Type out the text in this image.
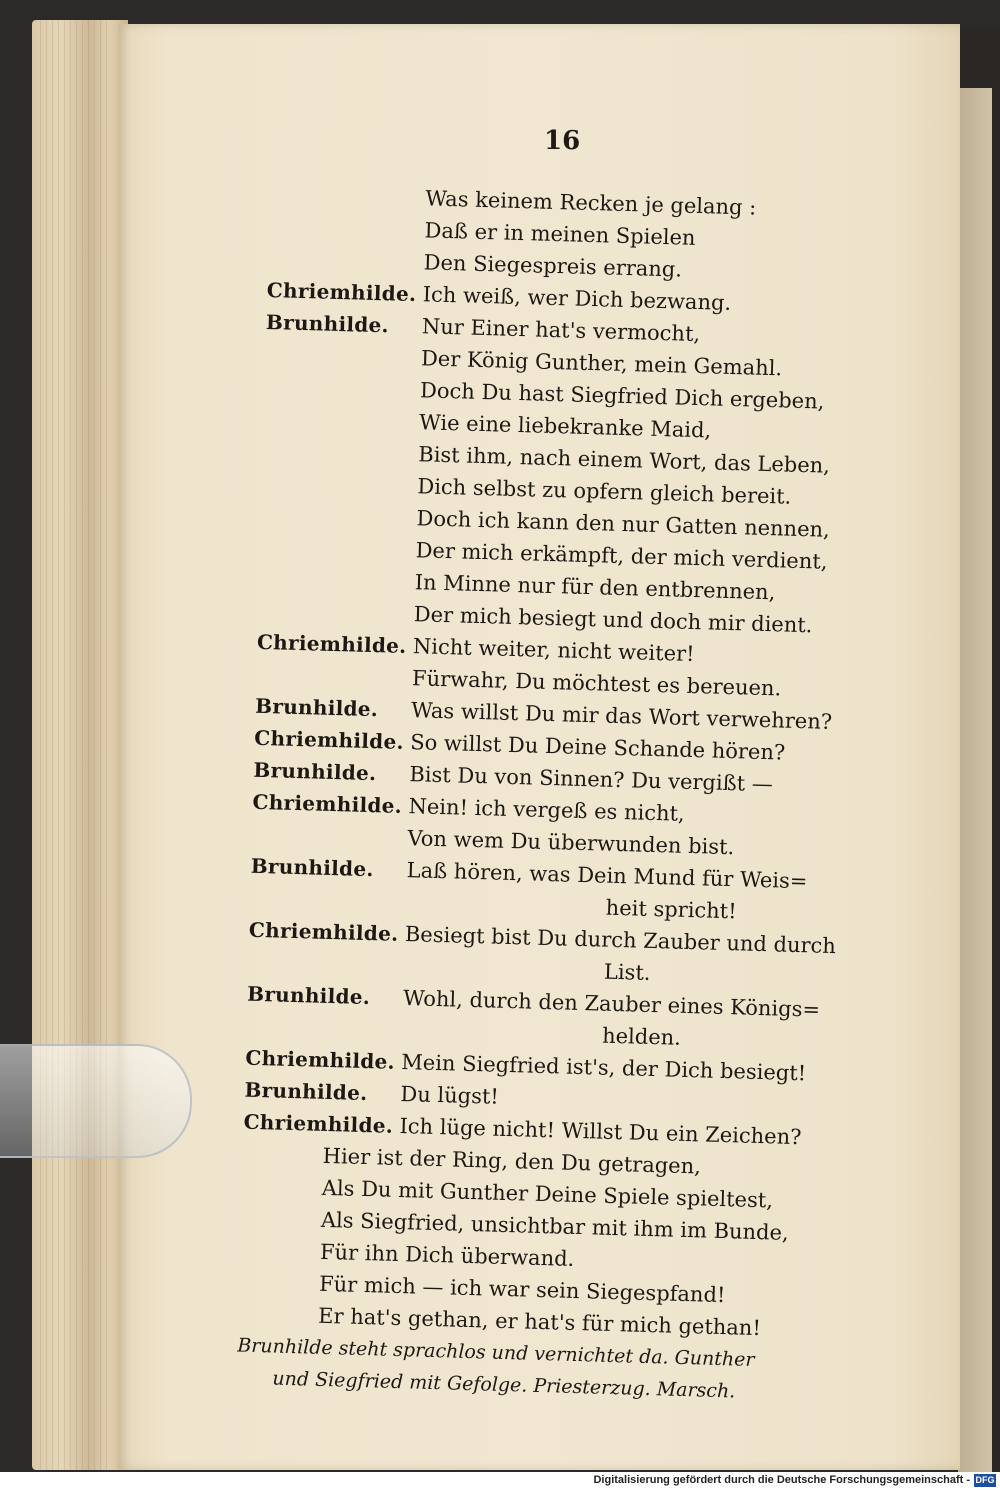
16
Was keinem Recken je gelang :
Daß er in meinen Spielen
Den Siegespreis errang.
Chriemhilde. Ich weiß, wer Dich bezwang.
Brunhilde. Nur Einer hat's vermocht,
Der König Gunther, mein Gemahl.
Doch Du hast Siegfried Dich ergeben,
Wie eine liebekranke Maid,
Bist ihm, nach einem Wort, das Leben,
Dich selbst zu opfern gleich bereit.
Doch ich kann den nur Gatten nennen,
Der mich erkämpft, der mich verdient,
In Minne nur für den entbrennen,
Der mich besiegt und doch mir dient.
Chriemhilde. Nicht weiter, nicht weiter!
Fürwahr, Du möchtest es bereuen.
Brunhilde. Was willst Du mir das Wort verwehren?
Chriemhilde. So willst Du Deine Schande hören?
Brunhilde. Bist Du von Sinnen? Du vergißt —
Chriemhilde. Nein! ich vergeß es nicht,
Von wem Du überwunden bist.
Brunhilde. Laß hören, was Dein Mund für Weis=
heit spricht!
Chriemhilde. Besiegt bist Du durch Zauber und durch
List.
Brunhilde. Wohl, durch den Zauber eines Königs=
helden.
Chriemhilde. Mein Siegfried ist's, der Dich besiegt!
Brunhilde. Du lügst!
Chriemhilde. Ich lüge nicht! Willst Du ein Zeichen?
Hier ist der Ring, den Du getragen,
Als Du mit Gunther Deine Spiele spieltest,
Als Siegfried, unsichtbar mit ihm im Bunde,
Für ihn Dich überwand.
Für mich — ich war sein Siegespfand!
Er hat's gethan, er hat's für mich gethan!
Brunhilde steht sprachlos und vernichtet da. Gunther
und Siegfried mit Gefolge. Priesterzug. Marsch.
Digitalisierung gefördert durch die Deutsche Forschungsgemeinschaft - DFG
